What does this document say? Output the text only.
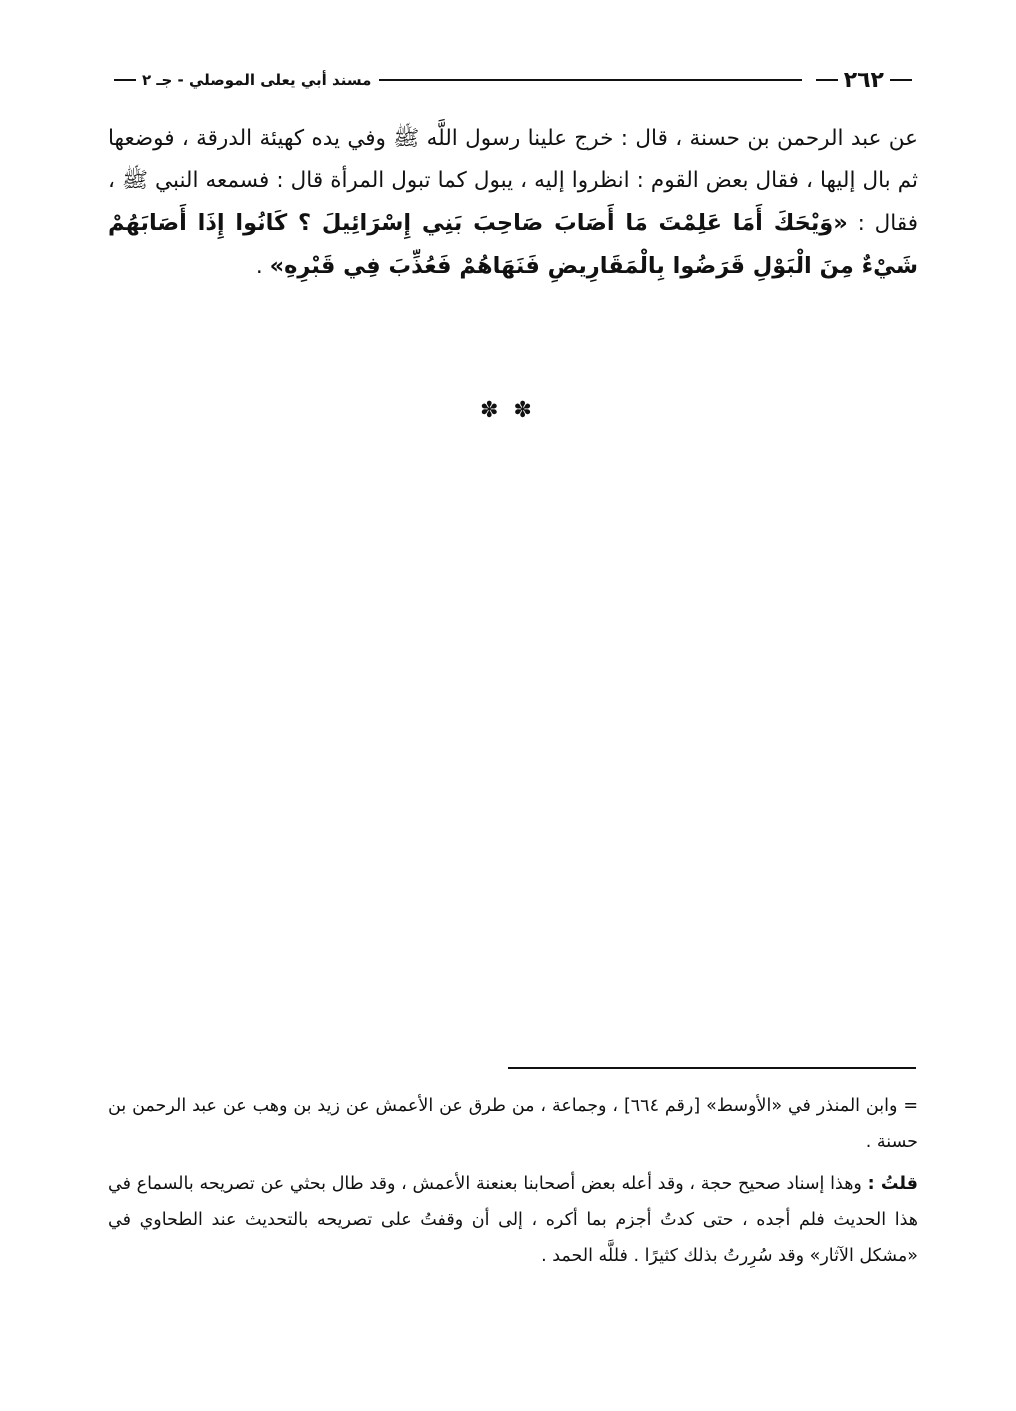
٢٦٢
مسند أبي يعلى الموصلي - جـ ٢
عن عبد الرحمن بن حسنة ، قال : خرج علينا رسول اللَّه ﷺ وفي يده كهيئة الدرقة ، فوضعها ثم بال إليها ، فقال بعض القوم : انظروا إليه ، يبول كما تبول المرأة قال : فسمعه النبي ﷺ ، فقال : «وَيْحَكَ أَمَا عَلِمْتَ مَا أَصَابَ صَاحِبَ بَنِي إِسْرَائِيلَ ؟ كَانُوا إِذَا أَصَابَهُمْ شَيْءٌ مِنَ الْبَوْلِ قَرَضُوا بِالْمَقَارِيضِ فَنَهَاهُمْ فَعُذِّبَ فِي قَبْرِهِ» .
✽ ✽

= وابن المنذر في «الأوسط» [رقم ٦٦٤] ، وجماعة ، من طرق عن الأعمش عن زيد بن وهب عن عبد الرحمن بن حسنة .

قلتُ : وهذا إسناد صحيح حجة ، وقد أعله بعض أصحابنا بعنعنة الأعمش ، وقد طال بحثي عن تصريحه بالسماع في هذا الحديث فلم أجده ، حتى كدتُ أجزم بما أكره ، إلى أن وقفتُ على تصريحه بالتحديث عند الطحاوي في «مشكل الآثار» وقد سُرِرتُ بذلك كثيرًا . فللَّه الحمد .
